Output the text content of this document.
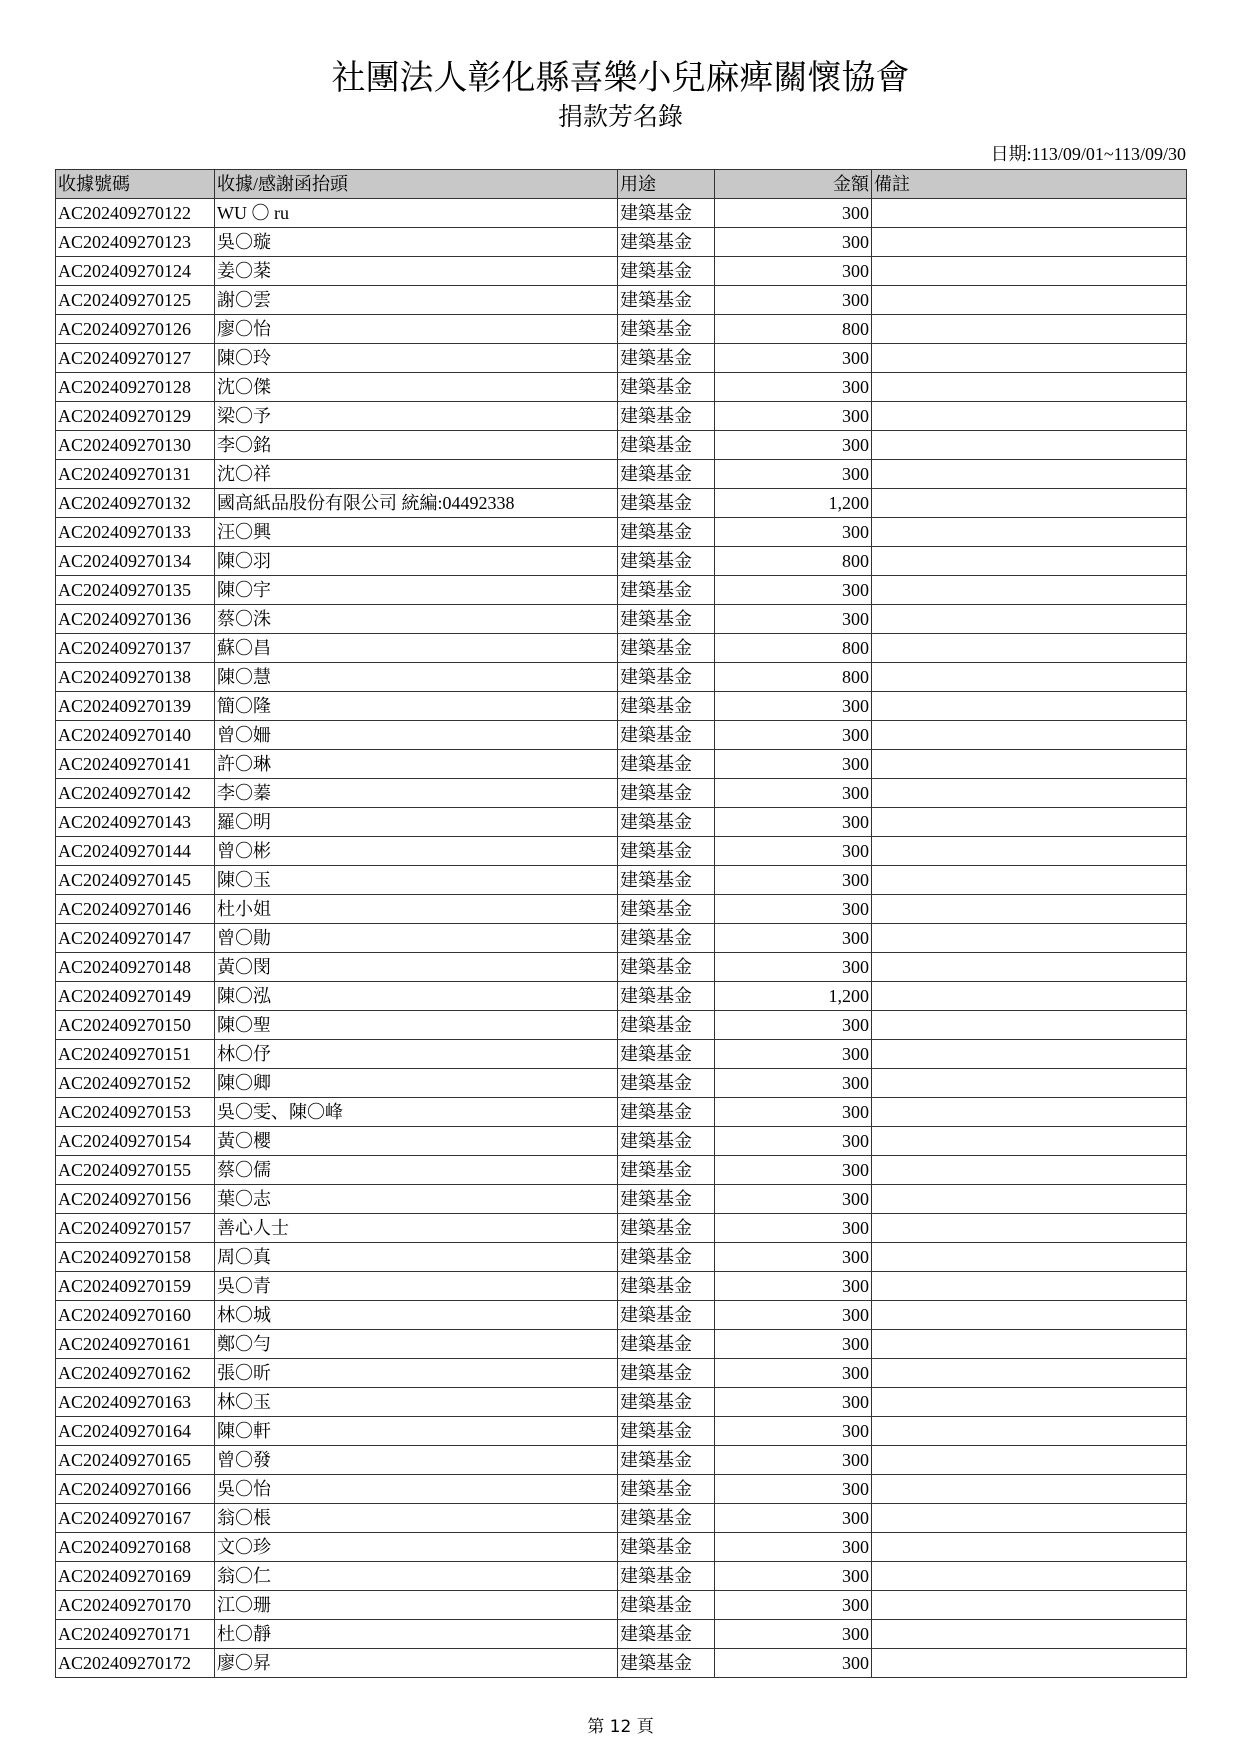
社團法人彰化縣喜樂小兒麻痺關懷協會
捐款芳名錄
日期:113/09/01~113/09/30
收據號碼	收據/感謝函抬頭	用途	金額	備註
AC202409270122	WU 〇 ru	建築基金	300	
AC202409270123	吳〇璇	建築基金	300	
AC202409270124	姜〇棻	建築基金	300	
AC202409270125	謝〇雲	建築基金	300	
AC202409270126	廖〇怡	建築基金	800	
AC202409270127	陳〇玲	建築基金	300	
AC202409270128	沈〇傑	建築基金	300	
AC202409270129	梁〇予	建築基金	300	
AC202409270130	李〇銘	建築基金	300	
AC202409270131	沈〇祥	建築基金	300	
AC202409270132	國高紙品股份有限公司 統編:04492338	建築基金	1,200	
AC202409270133	汪〇興	建築基金	300	
AC202409270134	陳〇羽	建築基金	800	
AC202409270135	陳〇宇	建築基金	300	
AC202409270136	蔡〇洙	建築基金	300	
AC202409270137	蘇〇昌	建築基金	800	
AC202409270138	陳〇慧	建築基金	800	
AC202409270139	簡〇隆	建築基金	300	
AC202409270140	曾〇姍	建築基金	300	
AC202409270141	許〇琳	建築基金	300	
AC202409270142	李〇蓁	建築基金	300	
AC202409270143	羅〇明	建築基金	300	
AC202409270144	曾〇彬	建築基金	300	
AC202409270145	陳〇玉	建築基金	300	
AC202409270146	杜小姐	建築基金	300	
AC202409270147	曾〇勛	建築基金	300	
AC202409270148	黃〇閔	建築基金	300	
AC202409270149	陳〇泓	建築基金	1,200	
AC202409270150	陳〇聖	建築基金	300	
AC202409270151	林〇伃	建築基金	300	
AC202409270152	陳〇卿	建築基金	300	
AC202409270153	吳〇雯、陳〇峰	建築基金	300	
AC202409270154	黃〇櫻	建築基金	300	
AC202409270155	蔡〇儒	建築基金	300	
AC202409270156	葉〇志	建築基金	300	
AC202409270157	善心人士	建築基金	300	
AC202409270158	周〇真	建築基金	300	
AC202409270159	吳〇青	建築基金	300	
AC202409270160	林〇城	建築基金	300	
AC202409270161	鄭〇勻	建築基金	300	
AC202409270162	張〇昕	建築基金	300	
AC202409270163	林〇玉	建築基金	300	
AC202409270164	陳〇軒	建築基金	300	
AC202409270165	曾〇發	建築基金	300	
AC202409270166	吳〇怡	建築基金	300	
AC202409270167	翁〇棖	建築基金	300	
AC202409270168	文〇珍	建築基金	300	
AC202409270169	翁〇仁	建築基金	300	
AC202409270170	江〇珊	建築基金	300	
AC202409270171	杜〇靜	建築基金	300	
AC202409270172	廖〇昇	建築基金	300	
第 12 頁
